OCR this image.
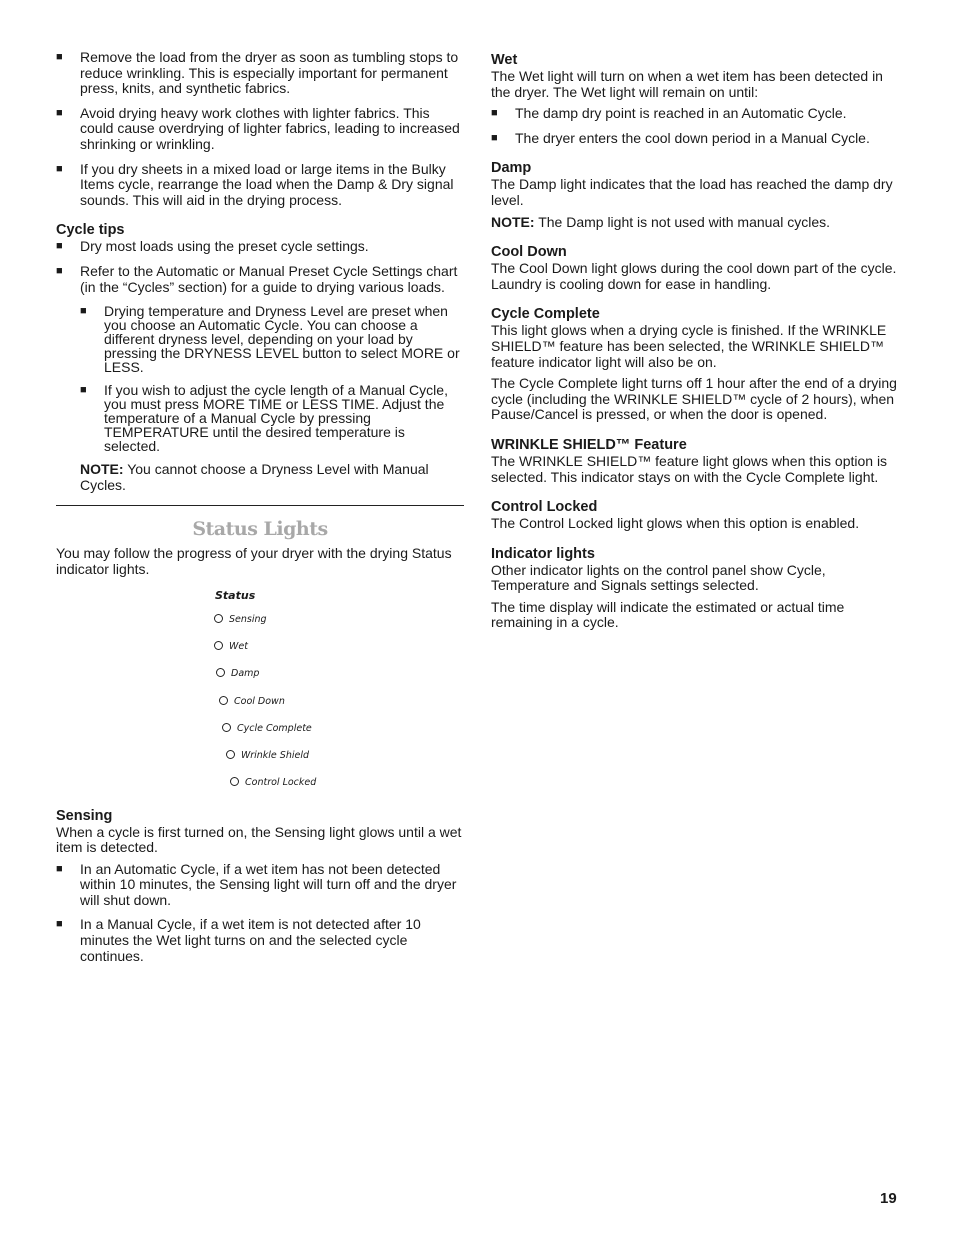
■ Remove the load from the dryer as soon as tumbling stops to reduce wrinkling. This is especially important for permanent press, knits, and synthetic fabrics.
■ Avoid drying heavy work clothes with lighter fabrics. This could cause overdrying of lighter fabrics, leading to increased shrinking or wrinkling.
■ If you dry sheets in a mixed load or large items in the Bulky Items cycle, rearrange the load when the Damp & Dry signal sounds. This will aid in the drying process.
Cycle tips
■ Dry most loads using the preset cycle settings.
■ Refer to the Automatic or Manual Preset Cycle Settings chart (in the “Cycles” section) for a guide to drying various loads.
■ Drying temperature and Dryness Level are preset when you choose an Automatic Cycle. You can choose a different dryness level, depending on your load by pressing the DRYNESS LEVEL button to select MORE or LESS.
■ If you wish to adjust the cycle length of a Manual Cycle, you must press MORE TIME or LESS TIME. Adjust the temperature of a Manual Cycle by pressing TEMPERATURE until the desired temperature is selected.

NOTE: You cannot choose a Dryness Level with Manual Cycles.

Status Lights

You may follow the progress of your dryer with the drying Status indicator lights.

Status
Sensing
Wet
Damp
Cool Down
Cycle Complete
Wrinkle Shield
Control Locked
Sensing

When a cycle is first turned on, the Sensing light glows until a wet item is detected.

■ In an Automatic Cycle, if a wet item has not been detected within 10 minutes, the Sensing light will turn off and the dryer will shut down.
■ In a Manual Cycle, if a wet item is not detected after 10 minutes the Wet light turns on and the selected cycle continues.
Wet

The Wet light will turn on when a wet item has been detected in the dryer. The Wet light will remain on until:

■ The damp dry point is reached in an Automatic Cycle.
■ The dryer enters the cool down period in a Manual Cycle.
Damp

The Damp light indicates that the load has reached the damp dry level.

NOTE: The Damp light is not used with manual cycles.

Cool Down

The Cool Down light glows during the cool down part of the cycle. Laundry is cooling down for ease in handling.

Cycle Complete

This light glows when a drying cycle is finished. If the WRINKLE SHIELD™ feature has been selected, the WRINKLE SHIELD™ feature indicator light will also be on.

The Cycle Complete light turns off 1 hour after the end of a drying cycle (including the WRINKLE SHIELD™ cycle of 2 hours), when Pause/Cancel is pressed, or when the door is opened.

WRINKLE SHIELD™ Feature

The WRINKLE SHIELD™ feature light glows when this option is selected. This indicator stays on with the Cycle Complete light.

Control Locked

The Control Locked light glows when this option is enabled.

Indicator lights

Other indicator lights on the control panel show Cycle, Temperature and Signals settings selected.

The time display will indicate the estimated or actual time remaining in a cycle.

19
